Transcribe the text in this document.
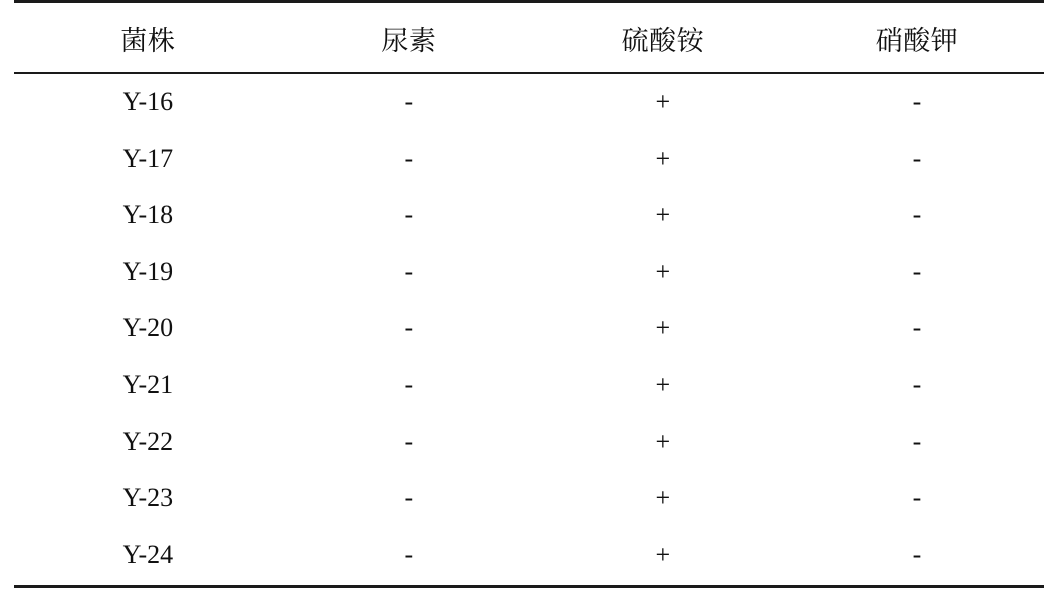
菌株	尿素	硫酸铵	硝酸钾
Y-16	-	+	-
Y-17	-	+	-
Y-18	-	+	-
Y-19	-	+	-
Y-20	-	+	-
Y-21	-	+	-
Y-22	-	+	-
Y-23	-	+	-
Y-24	-	+	-
